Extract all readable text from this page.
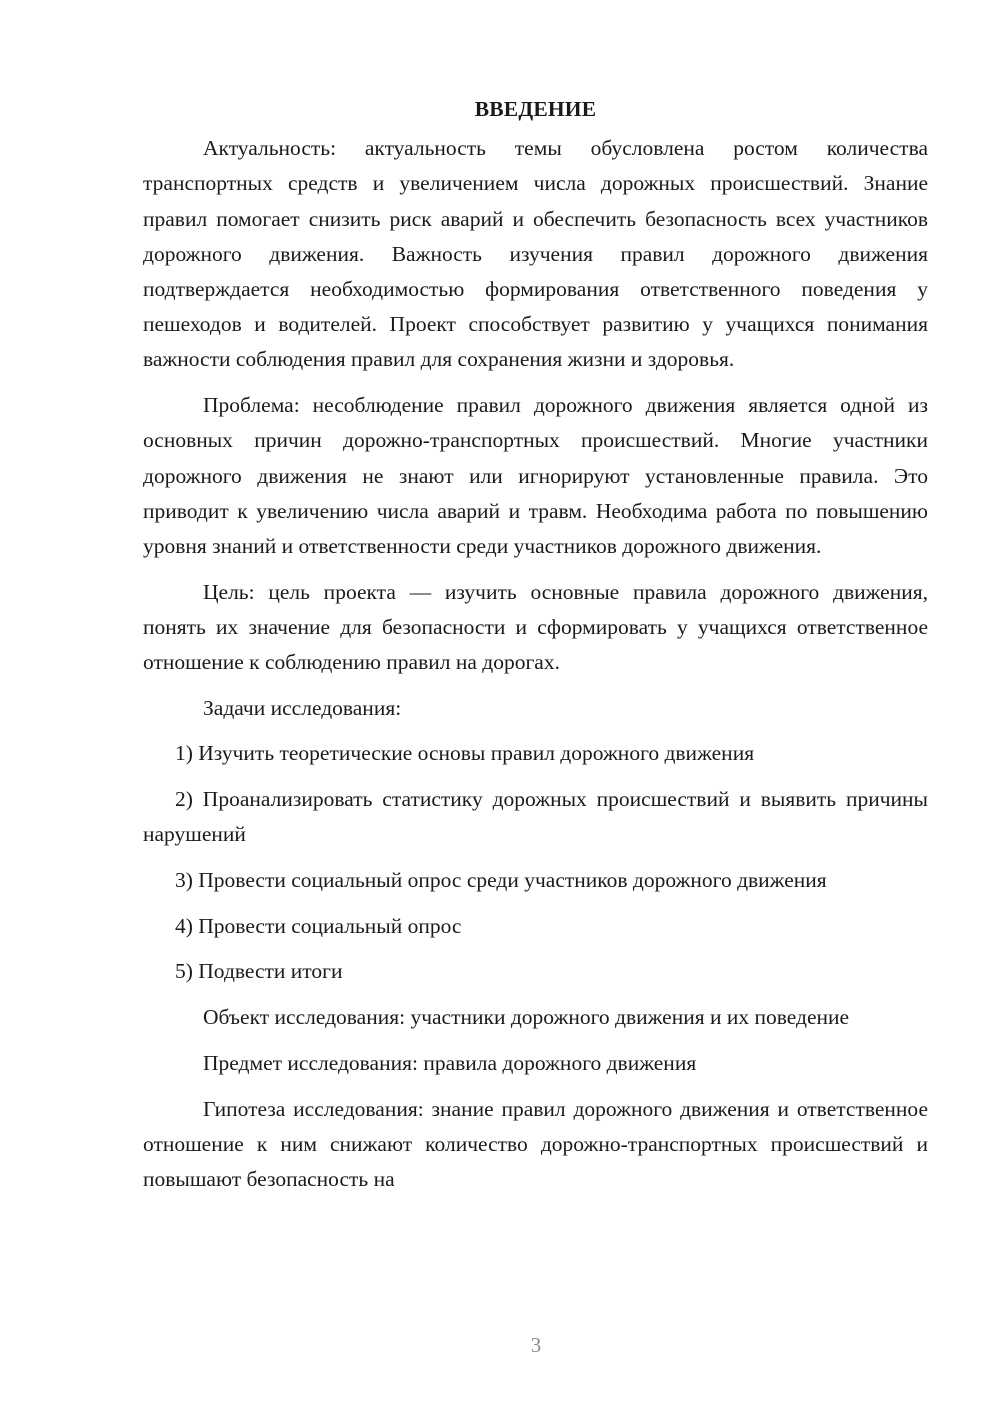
ВВЕДЕНИЕ

Актуальность: актуальность темы обусловлена ростом количества транспортных средств и увеличением числа дорожных происшествий. Знание правил помогает снизить риск аварий и обеспечить безопасность всех участников дорожного движения. Важность изучения правил дорожного движения подтверждается необходимостью формирования ответственного поведения у пешеходов и водителей. Проект способствует развитию у учащихся понимания важности соблюдения правил для сохранения жизни и здоровья.

Проблема: несоблюдение правил дорожного движения является одной из основных причин дорожно-транспортных происшествий. Многие участники дорожного движения не знают или игнорируют установленные правила. Это приводит к увеличению числа аварий и травм. Необходима работа по повышению уровня знаний и ответственности среди участников дорожного движения.

Цель: цель проекта — изучить основные правила дорожного движения, понять их значение для безопасности и сформировать у учащихся ответственное отношение к соблюдению правил на дорогах.

Задачи исследования:

1) Изучить теоретические основы правил дорожного движения

2) Проанализировать статистику дорожных происшествий и выявить причины нарушений

3) Провести социальный опрос среди участников дорожного движения

4) Провести социальный опрос

5) Подвести итоги

Объект исследования: участники дорожного движения и их поведение

Предмет исследования: правила дорожного движения

Гипотеза исследования: знание правил дорожного движения и ответственное отношение к ним снижают количество дорожно-транспортных происшествий и повышают безопасность на

3
